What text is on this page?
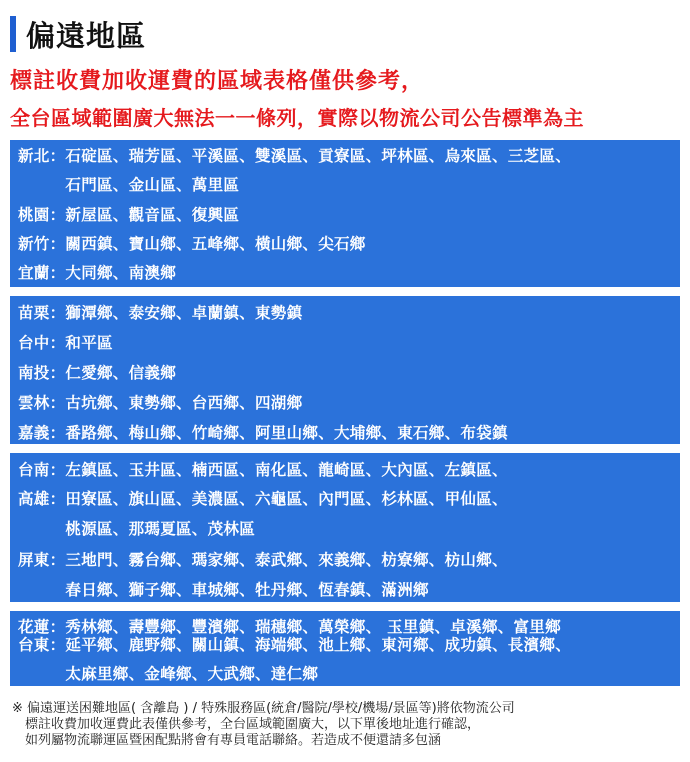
偏遠地區
標註收費加收運費的區域表格僅供參考，
全台區域範圍廣大無法一一條列，實際以物流公司公告標準為主
新北：石碇區、瑞芳區、平溪區、雙溪區、貢寮區、坪林區、烏來區、三芝區、
　　　石門區、金山區、萬里區
桃園：新屋區、觀音區、復興區
新竹：關西鎮、寶山鄉、五峰鄉、橫山鄉、尖石鄉
宜蘭：大同鄉、南澳鄉
苗栗：獅潭鄉、泰安鄉、卓蘭鎮、東勢鎮
台中：和平區
南投：仁愛鄉、信義鄉
雲林：古坑鄉、東勢鄉、台西鄉、四湖鄉
嘉義：番路鄉、梅山鄉、竹崎鄉、阿里山鄉、大埔鄉、東石鄉、布袋鎮
台南：左鎮區、玉井區、楠西區、南化區、龍崎區、大內區、左鎮區、
高雄：田寮區、旗山區、美濃區、六龜區、內門區、杉林區、甲仙區、
　　　桃源區、那瑪夏區、茂林區
屏東：三地門、霧台鄉、瑪家鄉、泰武鄉、來義鄉、枋寮鄉、枋山鄉、
　　　春日鄉、獅子鄉、車城鄉、牡丹鄉、恆春鎮、滿洲鄉
花蓮：秀林鄉、壽豐鄉、豐濱鄉、瑞穗鄉、萬榮鄉、 玉里鎮、卓溪鄉、富里鄉
台東：延平鄉、鹿野鄉、關山鎮、海端鄉、池上鄉、東河鄉、成功鎮、長濱鄉、
　　　太麻里鄉、金峰鄉、大武鄉、達仁鄉
※ 偏遠運送困難地區( 含離島 ) / 特殊服務區(統倉/醫院/學校/機場/景區等)將依物流公司
　標註收費加收運費此表僅供參考，全台區域範圍廣大，以下單後地址進行確認，
　如列屬物流聯運區暨困配點將會有專員電話聯絡。若造成不便還請多包涵
